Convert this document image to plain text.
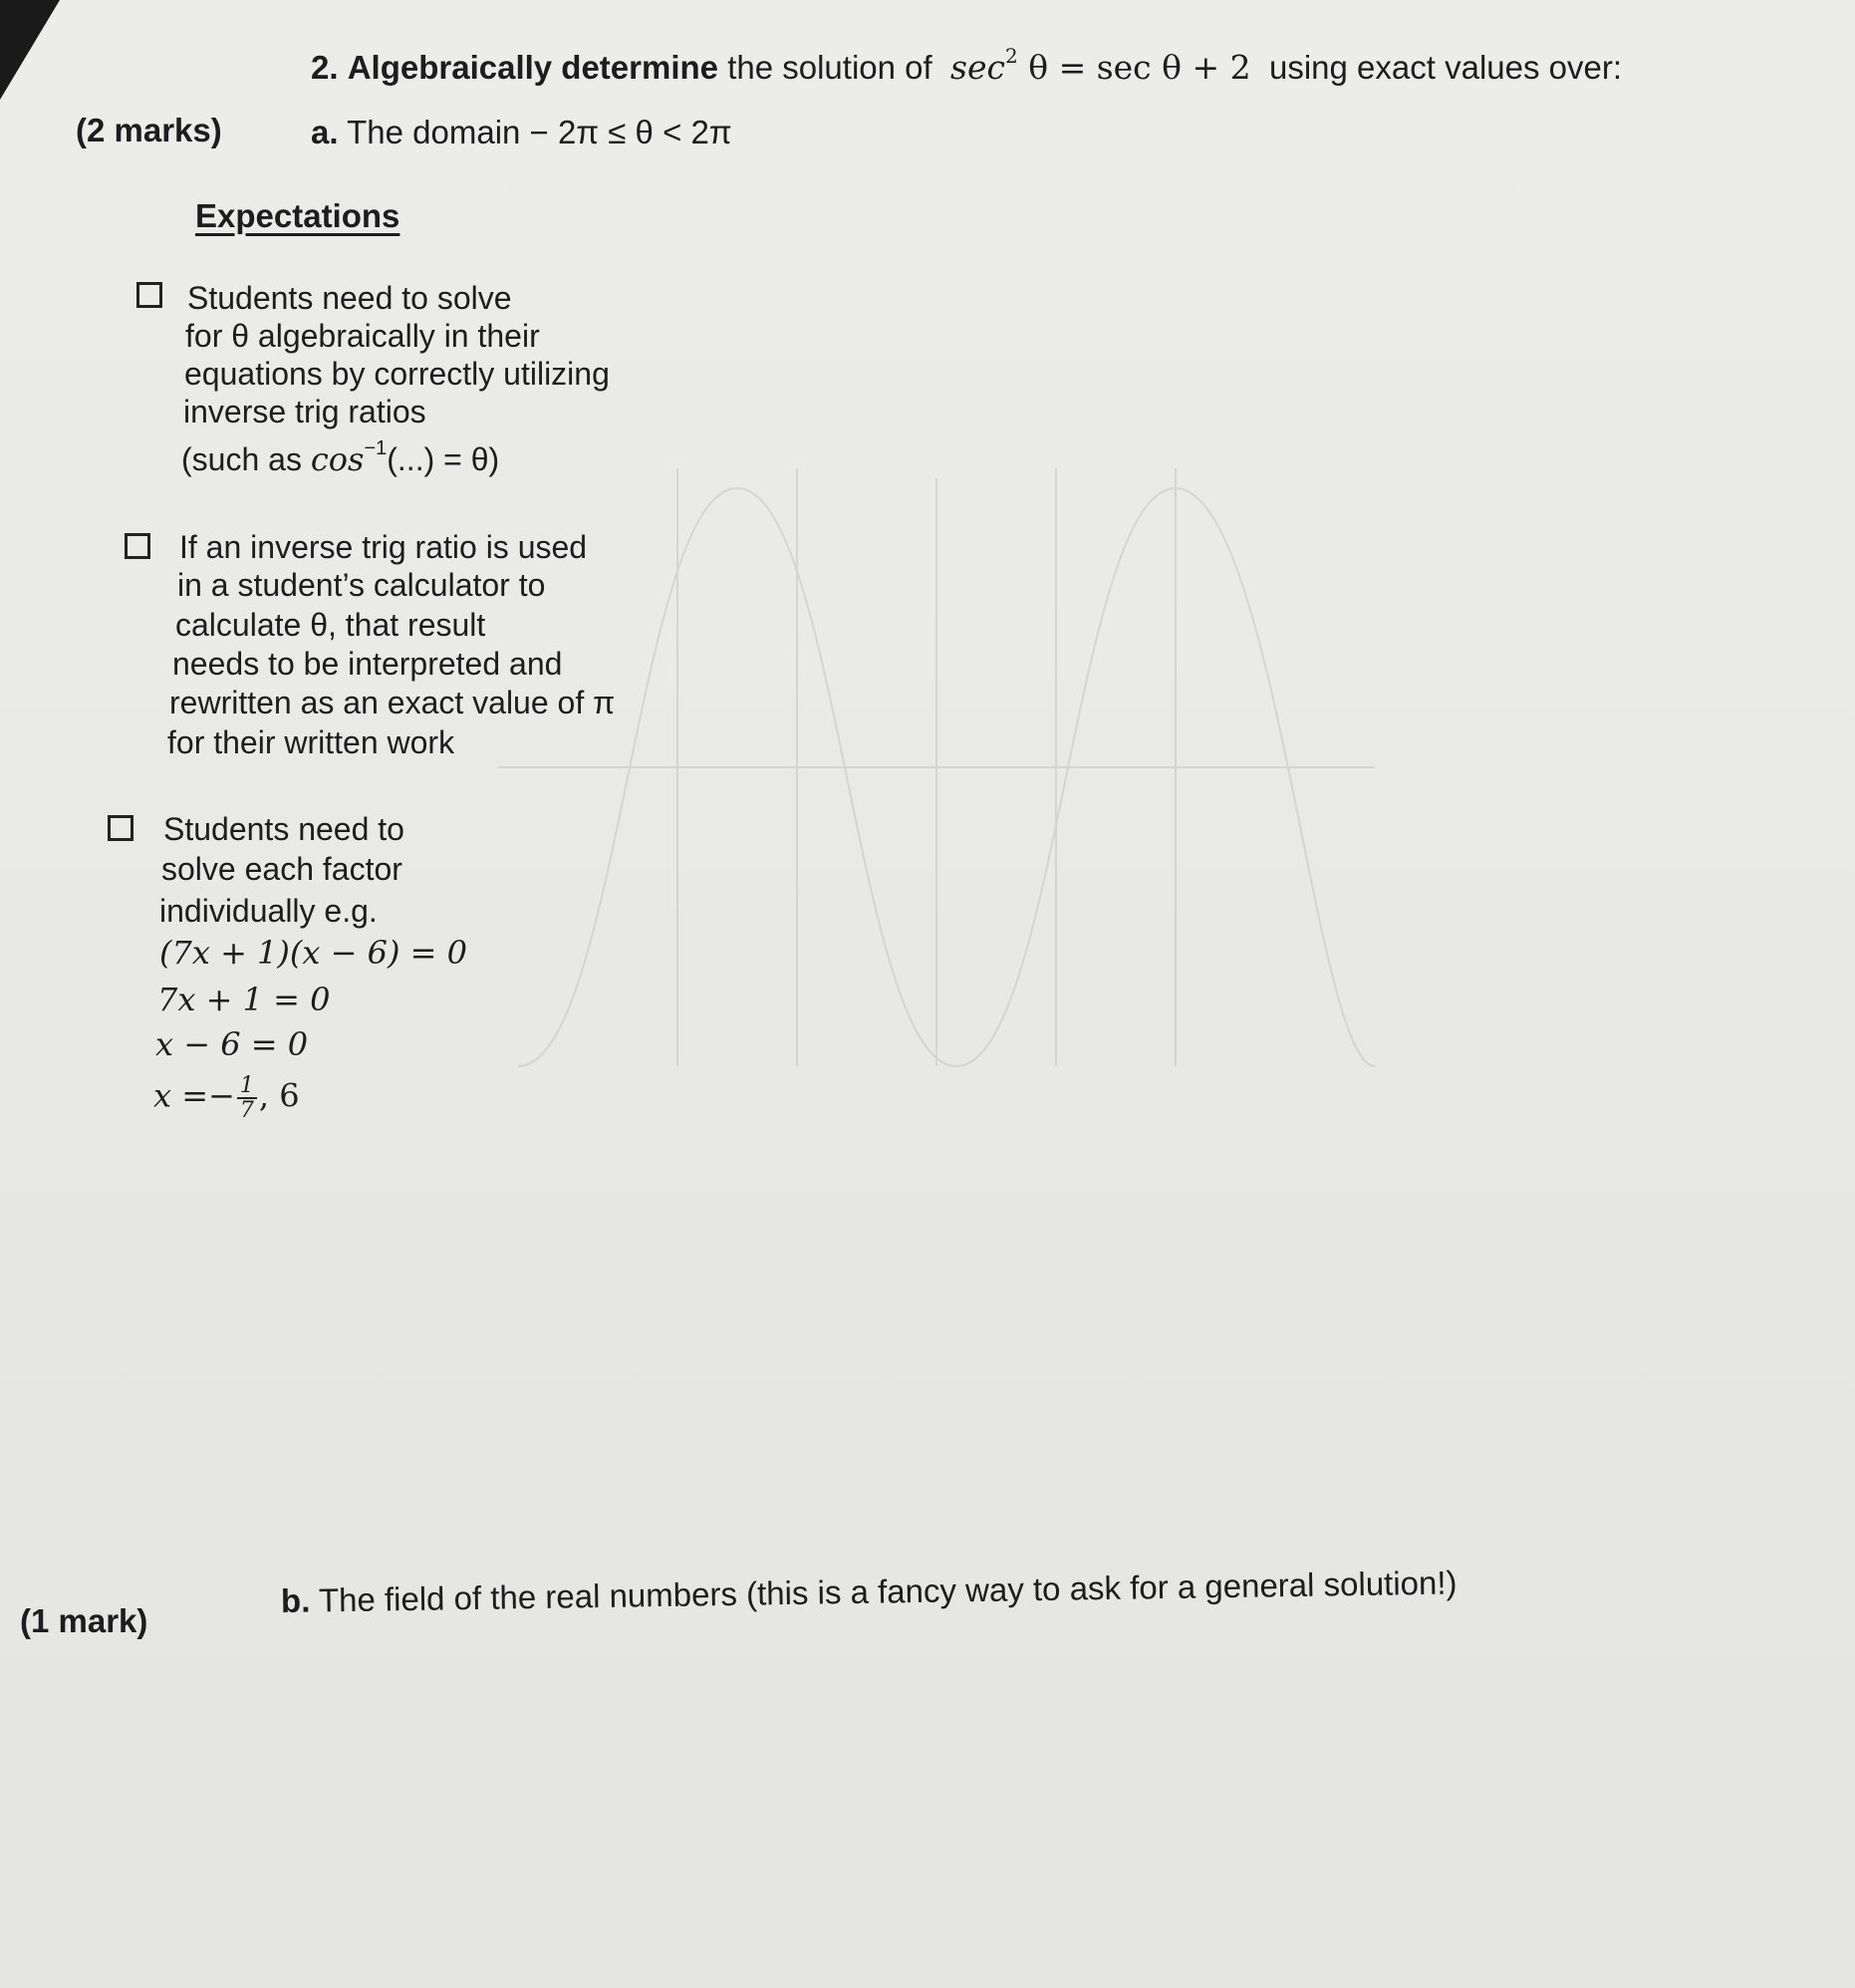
2. Algebraically determine the solution of $\sec^2 \theta = \sec \theta + 2$ using exact values over:
(2 marks)	a. The domain − 2π ≤ θ < 2π
Expectations
Students need to solve
for θ algebraically in their
equations by correctly utilizing
inverse trig ratios
(such as $\cos^{-1}(...) = \theta$)
If an inverse trig ratio is used
in a student’s calculator to
calculate θ, that result
needs to be interpreted and
rewritten as an exact value of π
for their written work
Students need to
solve each factor
individually e.g.
(7x + 1)(x − 6) = 0
7x + 1 = 0
x − 6 = 0
$x =- \frac{1}{7}$ , 6
(1 mark)
b. The field of the real numbers (this is a fancy way to ask for a general solution!)
